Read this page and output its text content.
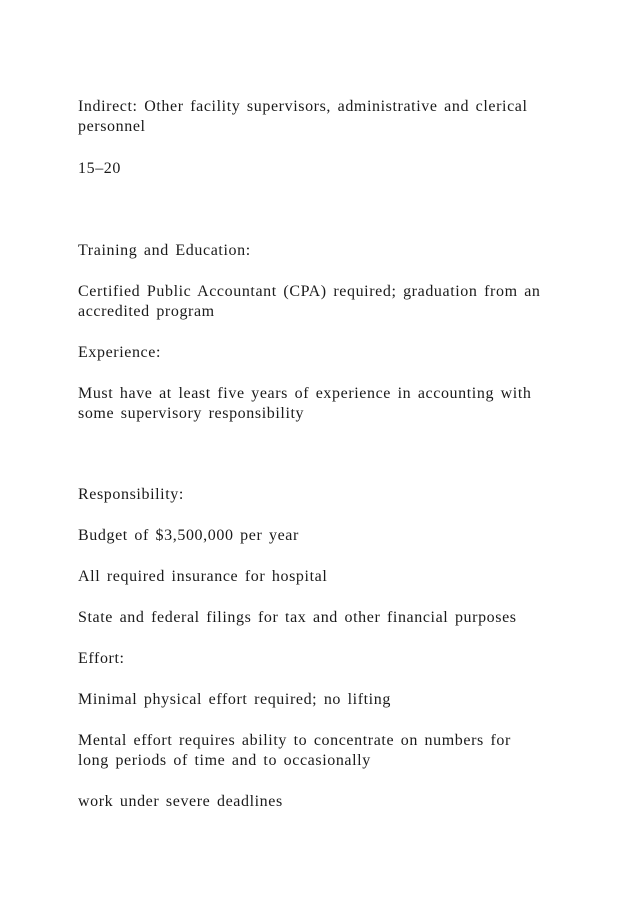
Indirect: Other facility supervisors, administrative and clerical
personnel

15–20

Training and Education:

Certified Public Accountant (CPA) required; graduation from an
accredited program

Experience:

Must have at least five years of experience in accounting with
some supervisory responsibility

Responsibility:

Budget of $3,500,000 per year

All required insurance for hospital

State and federal filings for tax and other financial purposes

Effort:

Minimal physical effort required; no lifting

Mental effort requires ability to concentrate on numbers for
long periods of time and to occasionally

work under severe deadlines
